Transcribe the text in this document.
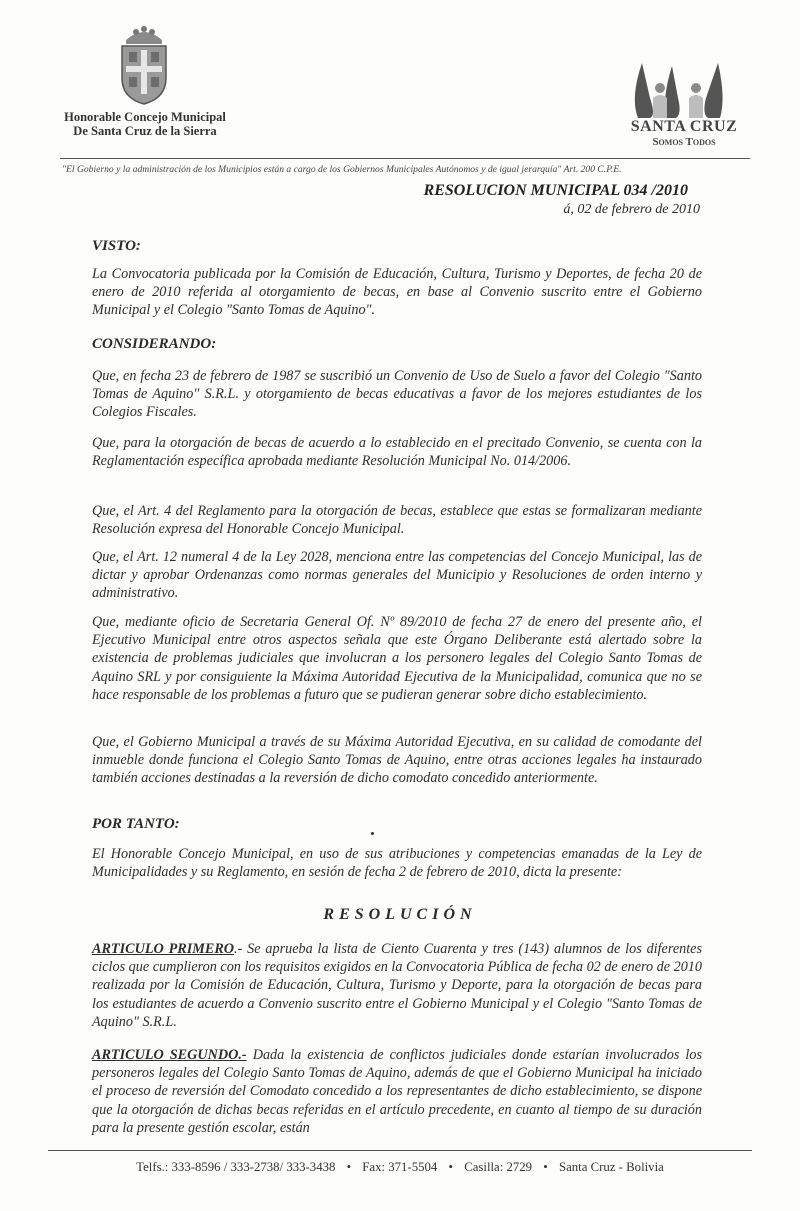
Honorable Concejo Municipal
De Santa Cruz de la Sierra	SANTA CRUZ
Somos Todos
"El Gobierno y la administración de los Municipios están a cargo de los Gobiernos Municipales Autónomos y de igual jerarquía" Art. 200 C.P.E.
RESOLUCION MUNICIPAL 034 /2010
á, 02 de febrero de 2010
VISTO:
La Convocatoria publicada por la Comisión de Educación, Cultura, Turismo y Deportes, de fecha 20 de enero de 2010 referida al otorgamiento de becas, en base al Convenio suscrito entre el Gobierno Municipal y el Colegio "Santo Tomas de Aquino".
CONSIDERANDO:
Que, en fecha 23 de febrero de 1987 se suscribió un Convenio de Uso de Suelo a favor del Colegio "Santo Tomas de Aquino" S.R.L. y otorgamiento de becas educativas a favor de los mejores estudiantes de los Colegios Fiscales.
Que, para la otorgación de becas de acuerdo a lo establecido en el precitado Convenio, se cuenta con la Reglamentación específica aprobada mediante Resolución Municipal No. 014/2006.
Que, el Art. 4 del Reglamento para la otorgación de becas, establece que estas se formalizaran mediante Resolución expresa del Honorable Concejo Municipal.
Que, el Art. 12 numeral 4 de la Ley 2028, menciona entre las competencias del Concejo Municipal, las de dictar y aprobar Ordenanzas como normas generales del Municipio y Resoluciones de orden interno y administrativo.
Que, mediante oficio de Secretaria General Of. Nº 89/2010 de fecha 27 de enero del presente año, el Ejecutivo Municipal entre otros aspectos señala que este Órgano Deliberante está alertado sobre la existencia de problemas judiciales que involucran a los personero legales del Colegio Santo Tomas de Aquino SRL y por consiguiente la Máxima Autoridad Ejecutiva de la Municipalidad, comunica que no se hace responsable de los problemas a futuro que se pudieran generar sobre dicho establecimiento.
Que, el Gobierno Municipal a través de su Máxima Autoridad Ejecutiva, en su calidad de comodante del inmueble donde funciona el Colegio Santo Tomas de Aquino, entre otras acciones legales ha instaurado también acciones destinadas a la reversión de dicho comodato concedido anteriormente.
POR TANTO:
El Honorable Concejo Municipal, en uso de sus atribuciones y competencias emanadas de la Ley de Municipalidades y su Reglamento, en sesión de fecha 2 de febrero de 2010, dicta la presente:
RESOLUCIÓN
ARTICULO PRIMERO.- Se aprueba la lista de Ciento Cuarenta y tres (143) alumnos de los diferentes ciclos que cumplieron con los requisitos exigidos en la Convocatoria Pública de fecha 02 de enero de 2010 realizada por la Comisión de Educación, Cultura, Turismo y Deporte, para la otorgación de becas para los estudiantes de acuerdo a Convenio suscrito entre el Gobierno Municipal y el Colegio "Santo Tomas de Aquino" S.R.L.
ARTICULO SEGUNDO.- Dada la existencia de conflictos judiciales donde estarían involucrados los personeros legales del Colegio Santo Tomas de Aquino, además de que el Gobierno Municipal ha iniciado el proceso de reversión del Comodato concedido a los representantes de dicho establecimiento, se dispone que la otorgación de dichas becas referidas en el artículo precedente, en cuanto al tiempo de su duración para la presente gestión escolar, están
Telfs.: 333-8596 / 333-2738/ 333-3438 • Fax: 371-5504 • Casilla: 2729 • Santa Cruz - Bolivia
